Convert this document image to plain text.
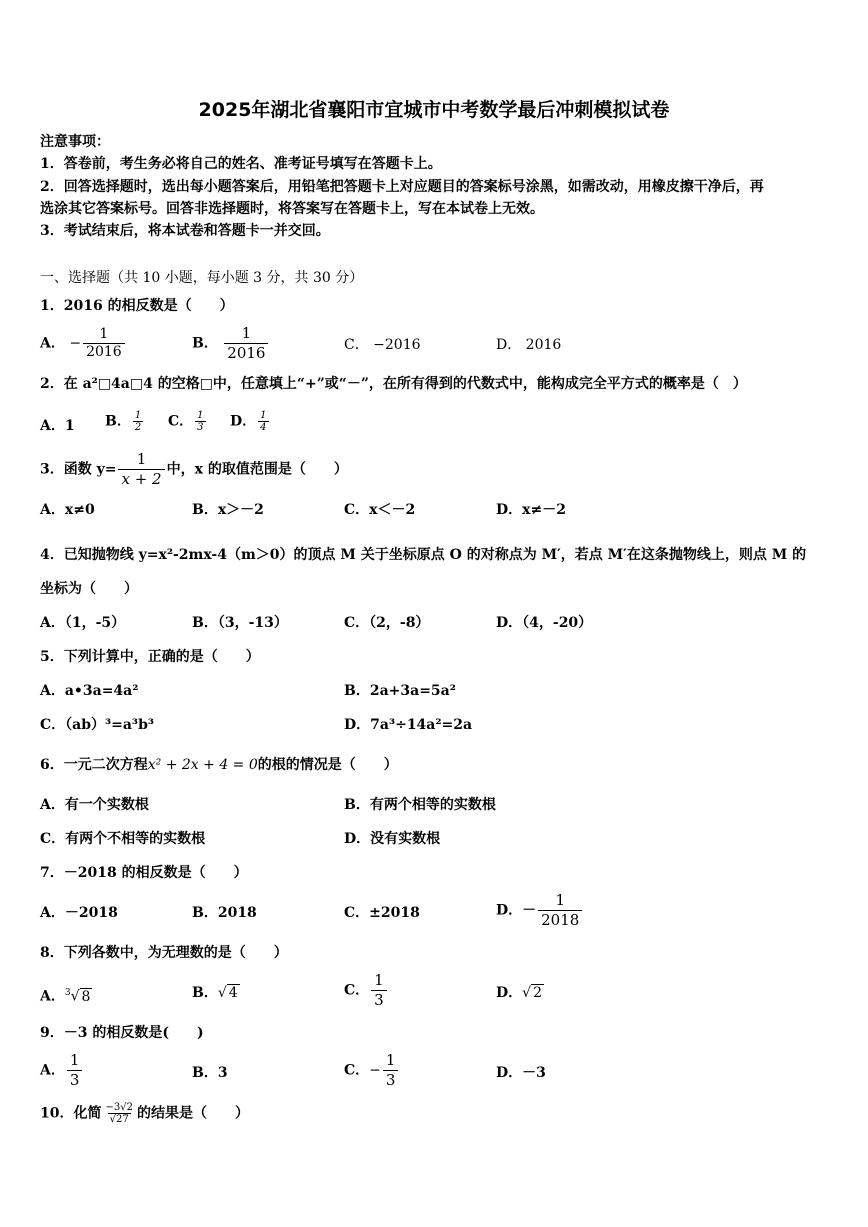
2025年湖北省襄阳市宜城市中考数学最后冲刺模拟试卷
注意事项：
1．答卷前，考生务必将自己的姓名、准考证号填写在答题卡上。
2．回答选择题时，选出每小题答案后，用铅笔把答题卡上对应题目的答案标号涂黑，如需改动，用橡皮擦干净后，再
选涂其它答案标号。回答非选择题时，将答案写在答题卡上，写在本试卷上无效。
3．考试结束后，将本试卷和答题卡一并交回。
一、选择题（共 10 小题，每小题 3 分，共 30 分）
1．2016 的相反数是（　　）
A． − $\frac{1}{2016}$	B． $\frac{1}{2016}$	C． −2016	D． 2016
2．在 a²□4a□4 的空格□中，任意填上“+”或“－”，在所有得到的代数式中，能构成完全平方式的概率是（　）
A．1 B． $\frac{1}{2}$ C． $\frac{1}{3}$ D． $\frac{1}{4}$
3．函数 $y= \frac{1}{x + 2}$ 中，x 的取值范围是（　　）
A．x≠0	B．x＞－2	C．x＜－2	D．x≠－2
4．已知抛物线 y=x²-2mx-4（m＞0）的顶点 M 关于坐标原点 O 的对称点为 M′，若点 M′在这条抛物线上，则点 M 的
坐标为（　　）
A．（1，-5）	B．（3，-13）	C．（2，-8）	D．（4，-20）
5．下列计算中，正确的是（　　）
A．a•3a=4a²	B．2a+3a=5a²
C．（ab）³=a³b³	D．7a³÷14a²=2a
6．一元二次方程x² + 2x + 4 = 0的根的情况是（　　）
A．有一个实数根	B．有两个相等的实数根
C．有两个不相等的实数根	D．没有实数根
7．－2018 的相反数是（　　）
A．－2018	B．2018	C．±2018	D．－ $\frac{1}{2018}$
8．下列各数中，为无理数的是（　　）
A．$^3$√ 8	B．√ 4	C． $\frac{1}{3}$	D．√ 2
9．－3 的相反数是(　　)
A． $\frac{1}{3}$	B．3	C．− $\frac{1}{3}$	D．－3
10．化简 $\frac{-3√2}{√27}$ 的结果是（　　）
